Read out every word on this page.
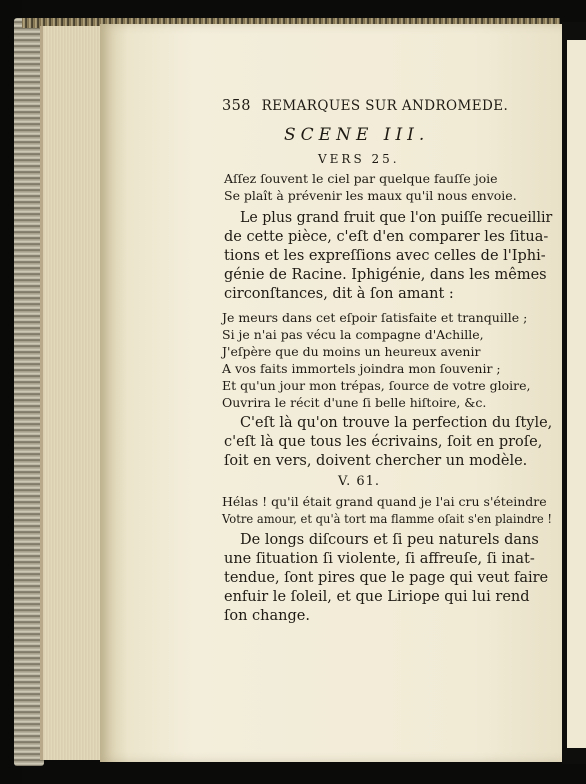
358 REMARQUES SUR ANDROMEDE.
SCENE III.
VERS 25.
Aſſez ſouvent le ciel par quelque fauſſe joie
Se plaît à prévenir les maux qu'il nous envoie.
Le plus grand fruit que l'on puiſſe recueillir
de cette pièce, c'eſt d'en comparer les ſitua-
tions et les expreſſions avec celles de l'Iphi-
génie de Racine. Iphigénie, dans les mêmes
circonſtances, dit à ſon amant :
Je meurs dans cet eſpoir ſatisfaite et tranquille ;
Si je n'ai pas vécu la compagne d'Achille,
J'eſpère que du moins un heureux avenir
A vos faits immortels joindra mon ſouvenir ;
Et qu'un jour mon trépas, ſource de votre gloire,
Ouvrira le récit d'une ſi belle hiſtoire, &c.
C'eſt là qu'on trouve la perfection du ſtyle,
c'eſt là que tous les écrivains, ſoit en proſe,
ſoit en vers, doivent chercher un modèle.
V. 61.
Hélas ! qu'il était grand quand je l'ai cru s'éteindre
Votre amour, et qu'à tort ma flamme oſait s'en plaindre !
De longs diſcours et ſi peu naturels dans
une ſituation ſi violente, ſi affreuſe, ſi inat-
tendue, ſont pires que le page qui veut faire
enfuir le ſoleil, et que Liriope qui lui rend
ſon change.
